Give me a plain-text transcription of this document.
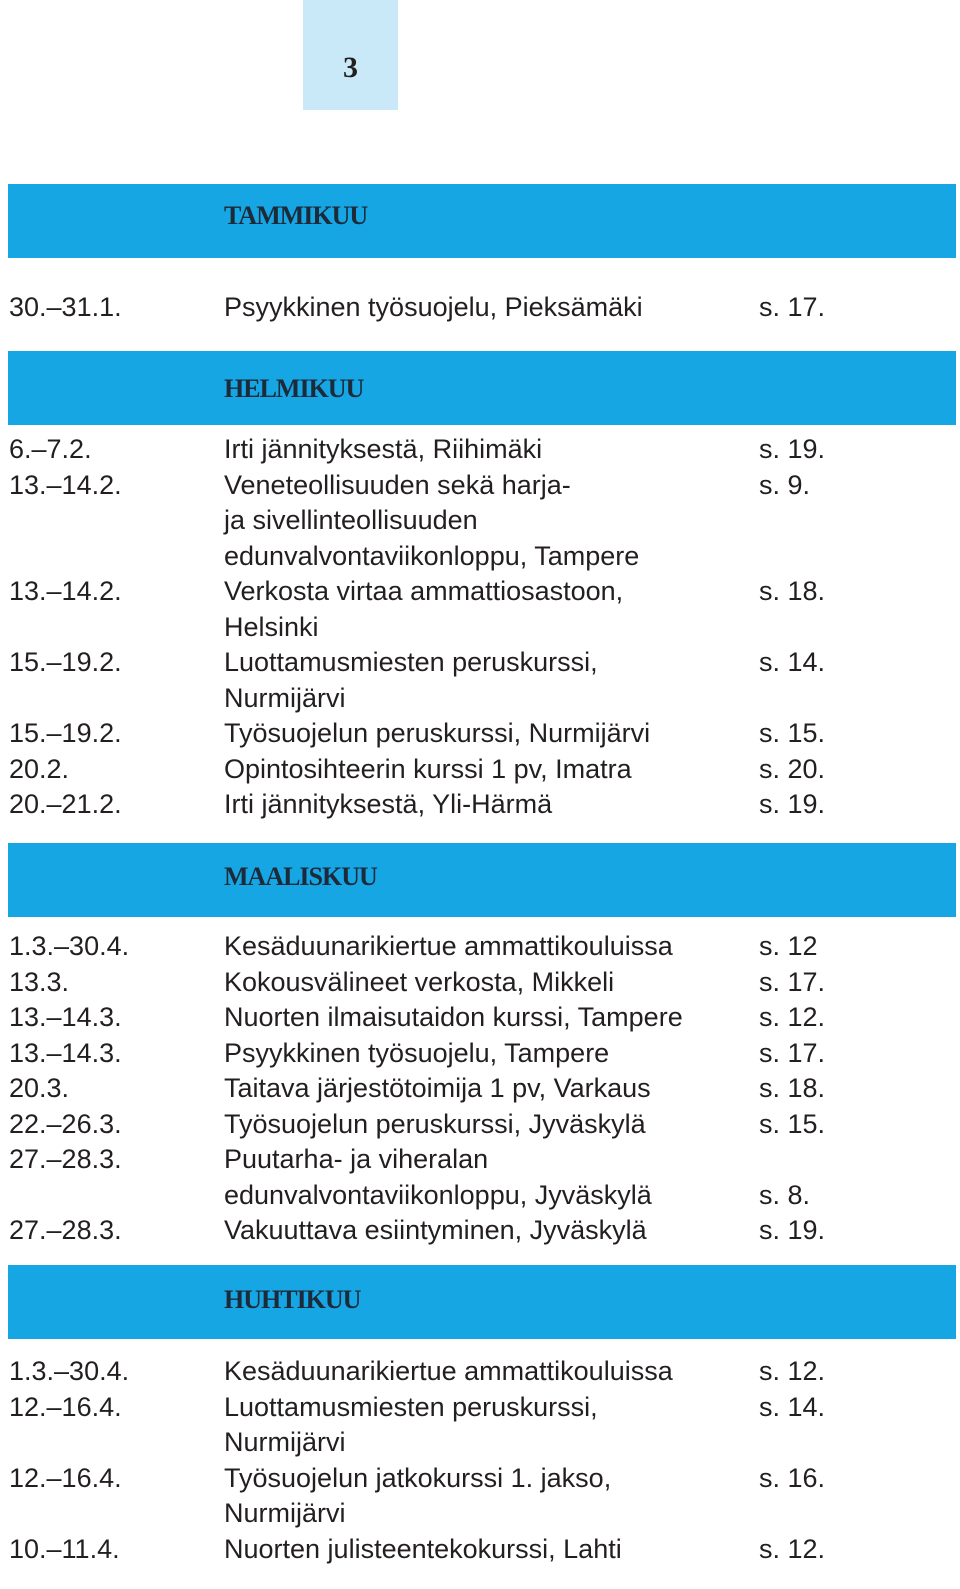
3
TAMMIKUU
30.–31.1.	Psyykkinen työsuojelu, Pieksämäki	s. 17.
HELMIKUU
6.–7.2.	Irti jännityksestä, Riihimäki	s. 19.
13.–14.2.	Veneteollisuuden sekä harja-	s. 9.
ja sivellinteollisuuden
edunvalvontaviikonloppu, Tampere
13.–14.2.	Verkosta virtaa ammattiosastoon,	s. 18.
Helsinki
15.–19.2.	Luottamusmiesten peruskurssi,	s. 14.
Nurmijärvi
15.–19.2.	Työsuojelun peruskurssi, Nurmijärvi	s. 15.
20.2.	Opintosihteerin kurssi 1 pv, Imatra	s. 20.
20.–21.2.	Irti jännityksestä, Yli-Härmä	s. 19.
MAALISKUU
1.3.–30.4.	Kesäduunarikiertue ammattikouluissa	s. 12
13.3.	Kokousvälineet verkosta, Mikkeli	s. 17.
13.–14.3.	Nuorten ilmaisutaidon kurssi, Tampere	s. 12.
13.–14.3.	Psyykkinen työsuojelu, Tampere	s. 17.
20.3.	Taitava järjestötoimija 1 pv, Varkaus	s. 18.
22.–26.3.	Työsuojelun peruskurssi, Jyväskylä	s. 15.
27.–28.3.	Puutarha- ja viheralan
edunvalvontaviikonloppu, Jyväskylä	s. 8.
27.–28.3.	Vakuuttava esiintyminen, Jyväskylä	s. 19.
HUHTIKUU
1.3.–30.4.	Kesäduunarikiertue ammattikouluissa	s. 12.
12.–16.4.	Luottamusmiesten peruskurssi,	s. 14.
Nurmijärvi
12.–16.4.	Työsuojelun jatkokurssi 1. jakso,	s. 16.
Nurmijärvi
10.–11.4.	Nuorten julisteentekokurssi, Lahti	s. 12.
